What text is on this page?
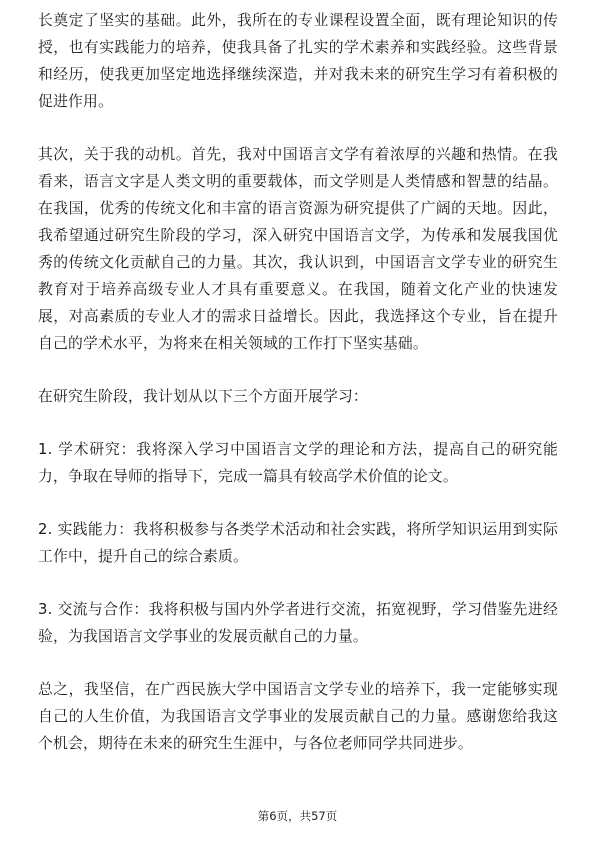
长奠定了坚实的基础。此外，我所在的专业课程设置全面，既有理论知识的传授，也有实践能力的培养，使我具备了扎实的学术素养和实践经验。这些背景和经历，使我更加坚定地选择继续深造，并对我未来的研究生学习有着积极的促进作用。

其次，关于我的动机。首先，我对中国语言文学有着浓厚的兴趣和热情。在我看来，语言文字是人类文明的重要载体，而文学则是人类情感和智慧的结晶。在我国，优秀的传统文化和丰富的语言资源为研究提供了广阔的天地。因此，我希望通过研究生阶段的学习，深入研究中国语言文学，为传承和发展我国优秀的传统文化贡献自己的力量。其次，我认识到，中国语言文学专业的研究生教育对于培养高级专业人才具有重要意义。在我国，随着文化产业的快速发展，对高素质的专业人才的需求日益增长。因此，我选择这个专业，旨在提升自己的学术水平，为将来在相关领域的工作打下坚实基础。

在研究生阶段，我计划从以下三个方面开展学习：

1. 学术研究：我将深入学习中国语言文学的理论和方法，提高自己的研究能力，争取在导师的指导下，完成一篇具有较高学术价值的论文。

2. 实践能力：我将积极参与各类学术活动和社会实践，将所学知识运用到实际工作中，提升自己的综合素质。

3. 交流与合作：我将积极与国内外学者进行交流，拓宽视野，学习借鉴先进经验，为我国语言文学事业的发展贡献自己的力量。

总之，我坚信，在广西民族大学中国语言文学专业的培养下，我一定能够实现自己的人生价值，为我国语言文学事业的发展贡献自己的力量。感谢您给我这个机会，期待在未来的研究生生涯中，与各位老师同学共同进步。

第6页，共57页
